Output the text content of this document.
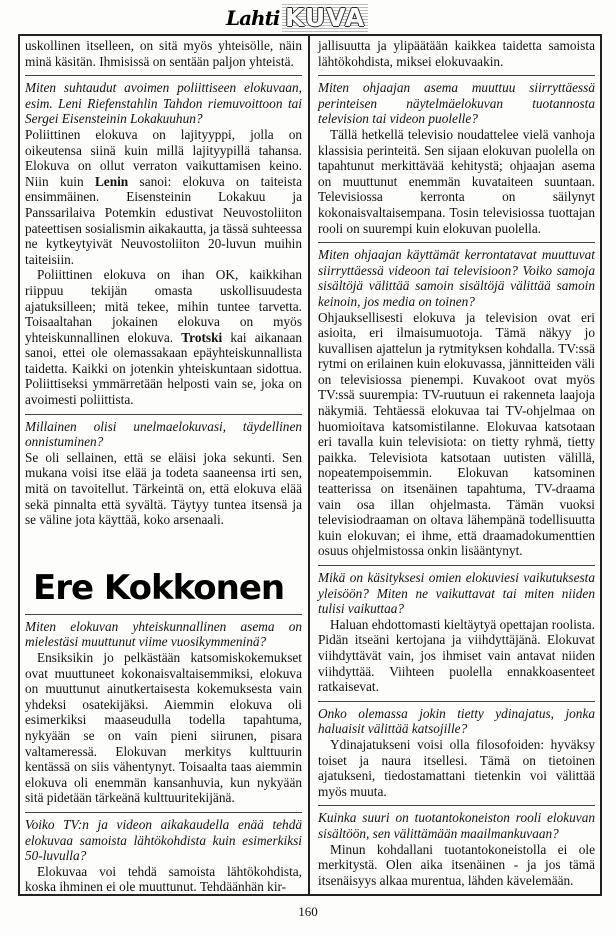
Lahti KUVA

uskollinen itselleen, on sitä myös yhteisölle, näin minä käsitän. Ihmisissä on sentään paljon yhteistä.

Miten suhtaudut avoimen poliittiseen elokuvaan, esim. Leni Riefenstahlin Tahdon riemuvoittoon tai Sergei Eisensteinin Lokakuuhun?

Poliittinen elokuva on lajityyppi, jolla on oikeutensa siinä kuin millä lajityypillä tahansa. Elokuva on ollut verraton vaikuttamisen keino. Niin kuin Lenin sanoi: elokuva on taiteista ensimmäinen. Eisensteinin Lokakuu ja Panssarilaiva Potemkin edustivat Neuvostoliiton pateettisen sosialismin aikakautta, ja tässä suhteessa ne kytkeytyivät Neuvostoliiton 20-luvun muihin taiteisiin.

Poliittinen elokuva on ihan OK, kaikkihan riippuu tekijän omasta uskollisuudesta ajatuksilleen; mitä tekee, mihin tuntee tarvetta. Toisaaltahan jokainen elokuva on myös yhteiskunnallinen elokuva. Trotski kai aikanaan sanoi, ettei ole olemassakaan epäyhteiskunnallista taidetta. Kaikki on jotenkin yhteiskuntaan sidottua. Poliittiseksi ymmärretään helposti vain se, joka on avoimesti poliittista.

Millainen olisi unelmaelokuvasi, täydellinen onnistuminen?

Se oli sellainen, että se eläisi joka sekunti. Sen mukana voisi itse elää ja todeta saaneensa irti sen, mitä on tavoitellut. Tärkeintä on, että elokuva elää sekä pinnalta että syvältä. Täytyy tuntea itsensä ja se väline jota käyttää, koko arsenaali.

Ere Kokkonen

Miten elokuvan yhteiskunnallinen asema on mielestäsi muuttunut viime vuosikymmeninä?

Ensiksikin jo pelkästään katsomiskokemukset ovat muuttuneet kokonaisvaltaisemmiksi, elokuva on muuttunut ainutkertaisesta kokemuksesta vain yhdeksi osatekijäksi. Aiemmin elokuva oli esimerkiksi maaseudulla todella tapahtuma, nykyään se on vain pieni siirunen, pisara valtameressä. Elokuvan merkitys kulttuurin kentässä on siis vähentynyt. Toisaalta taas aiemmin elokuva oli enemmän kansanhuvia, kun nykyään sitä pidetään tärkeänä kulttuuritekijänä.

Voiko TV:n ja videon aikakaudella enää tehdä elokuvaa samoista lähtökohdista kuin esimerkiksi 50-luvulla?

Elokuvaa voi tehdä samoista lähtökohdista, koska ihminen ei ole muuttunut. Tehdäänhän kir-

jallisuutta ja ylipäätään kaikkea taidetta samoista lähtökohdista, miksei elokuvaakin.

Miten ohjaajan asema muuttuu siirryttäessä perinteisen näytelmäelokuvan tuotannosta television tai videon puolelle?

Tällä hetkellä televisio noudattelee vielä vanhoja klassisia perinteitä. Sen sijaan elokuvan puolella on tapahtunut merkittävää kehitystä; ohjaajan asema on muuttunut enemmän kuvataiteen suuntaan. Televisiossa kerronta on säilynyt kokonaisvaltaisempana. Tosin televisiossa tuottajan rooli on suurempi kuin elokuvan puolella.

Miten ohjaajan käyttämät kerrontatavat muuttuvat siirryttäessä videoon tai televisioon? Voiko samoja sisältöjä välittää samoin sisältöjä välittää samoin keinoin, jos media on toinen?

Ohjauksellisesti elokuva ja television ovat eri asioita, eri ilmaisumuotoja. Tämä näkyy jo kuvallisen ajattelun ja rytmityksen kohdalla. TV:ssä rytmi on erilainen kuin elokuvassa, jännitteiden väli on televisiossa pienempi. Kuvakoot ovat myös TV:ssä suurempia: TV-ruutuun ei rakenneta laajoja näkymiä. Tehtäessä elokuvaa tai TV-ohjelmaa on huomioitava katsomistilanne. Elokuvaa katsotaan eri tavalla kuin televisiota: on tietty ryhmä, tietty paikka. Televisiota katsotaan uutisten välillä, nopeatempoisemmin. Elokuvan katsominen teatterissa on itsenäinen tapahtuma, TV-draama vain osa illan ohjelmasta. Tämän vuoksi televisiodraaman on oltava lähempänä todellisuutta kuin elokuvan; ei ihme, että draamadokumenttien osuus ohjelmistossa onkin lisääntynyt.

Mikä on käsityksesi omien elokuviesi vaikutuksesta yleisöön? Miten ne vaikuttavat tai miten niiden tulisi vaikuttaa?

Haluan ehdottomasti kieltäytyä opettajan roolista. Pidän itseäni kertojana ja viihdyttäjänä. Elokuvat viihdyttävät vain, jos ihmiset vain antavat niiden viihdyttää. Viihteen puolella ennakkoasenteet ratkaisevat.

Onko olemassa jokin tietty ydinajatus, jonka haluaisit välittää katsojille?

Ydinajatukseni voisi olla filosofoiden: hyväksy toiset ja naura itsellesi. Tämä on tietoinen ajatukseni, tiedostamattani tietenkin voi välittää myös muuta.

Kuinka suuri on tuotantokoneiston rooli elokuvan sisältöön, sen välittämään maailmankuvaan?

Minun kohdallani tuotantokoneistolla ei ole merkitystä. Olen aika itsenäinen - ja jos tämä itsenäisyys alkaa murentua, lähden kävelemään.

160
